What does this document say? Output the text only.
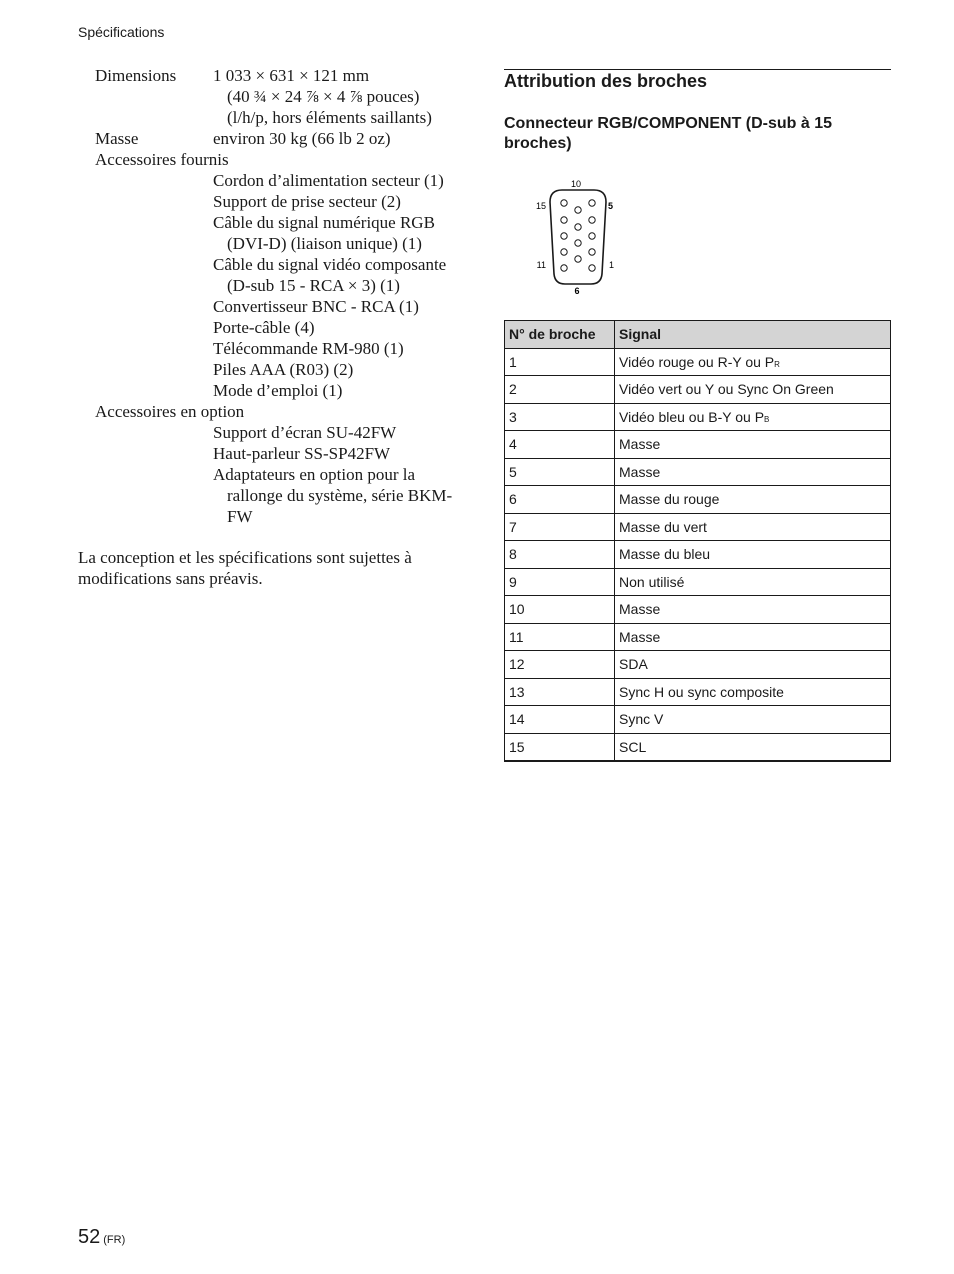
Spécifications
Dimensions 1 033 × 631 × 121 mm
(40 ¾ × 24 ⅞ × 4 ⅞ pouces)
(l/h/p, hors éléments saillants)
Masse	environ 30 kg (66 lb 2 oz)
Accessoires fournis
Cordon d’alimentation secteur (1)
Support de prise secteur (2)
Câble du signal numérique RGB
(DVI-D) (liaison unique) (1)
Câble du signal vidéo composante
(D-sub 15 - RCA × 3) (1)
Convertisseur BNC - RCA (1)
Porte-câble (4)
Télécommande RM-980 (1)
Piles AAA (R03) (2)
Mode d’emploi (1)
Accessoires en option
Support d’écran SU-42FW
Haut-parleur SS-SP42FW
Adaptateurs en option pour la
rallonge du système, série BKM-
FW
La conception et les spécifications sont sujettes à modifications sans préavis.
Attribution des broches
Connecteur RGB/COMPONENT (D-sub à 15 broches)
10
15	5
11	1
6
N° de broche	Signal
1	Vidéo rouge ou R-Y ou PR
2	Vidéo vert ou Y ou Sync On Green
3	Vidéo bleu ou B-Y ou PB
4	Masse
5	Masse
6	Masse du rouge
7	Masse du vert
8	Masse du bleu
9	Non utilisé
10	Masse
11	Masse
12	SDA
13	Sync H ou sync composite
14	Sync V
15	SCL
52 (FR)
